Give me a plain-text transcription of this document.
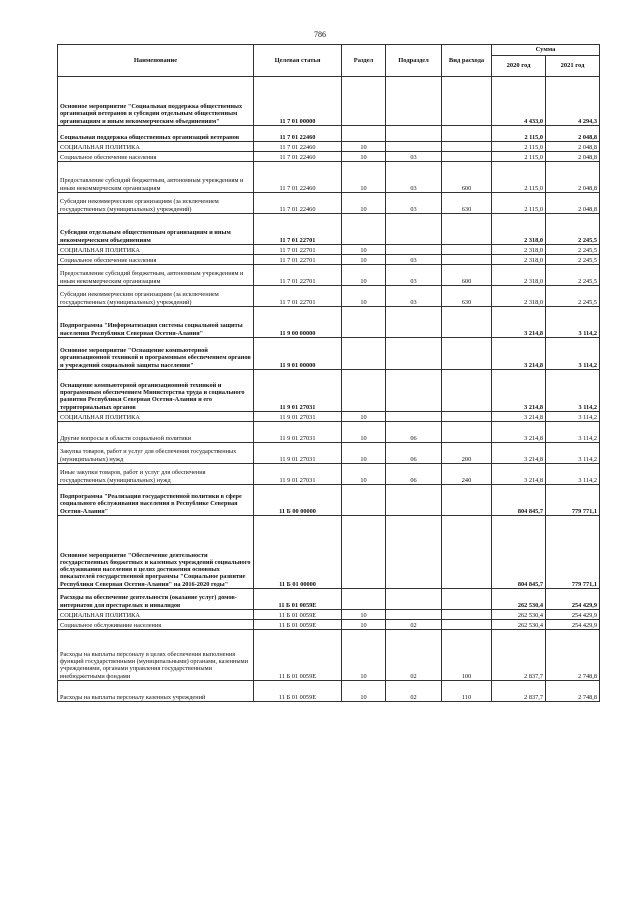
786
Наименование	Целевая статья	Раздел	Подраздел	Вид расхода	Сумма	
					2020 год	2021 год
Основное мероприятие "Социальная поддержка общественных организаций ветеранов и субсидии отдельным общественным организациям и иным некоммерческим объединениям"	11 7 01 00000				4 433,0	4 294,3
Социальная поддержка общественных организаций ветеранов	11 7 01 22460				2 115,0	2 048,8
СОЦИАЛЬНАЯ ПОЛИТИКА	11 7 01 22460	10			2 115,0	2 048,8
Социальное обеспечение населения	11 7 01 22460	10	03		2 115,0	2 048,8
Предоставление субсидий бюджетным, автономным учреждениям и иным некоммерческим организациям	11 7 01 22460	10	03	600	2 115,0	2 048,8
Субсидии некоммерческим организациям (за исключением государственных (муниципальных) учреждений)	11 7 01 22460	10	03	630	2 115,0	2 048,8
Субсидии отдельным общественным организациям и иным некоммерческим объединениям	11 7 01 22701				2 318,0	2 245,5
СОЦИАЛЬНАЯ ПОЛИТИКА	11 7 01 22701	10			2 318,0	2 245,5
Социальное обеспечение населения	11 7 01 22701	10	03		2 318,0	2 245,5
Предоставление субсидий бюджетным, автономным учреждениям и иным некоммерческим организациям	11 7 01 22701	10	03	600	2 318,0	2 245,5
Субсидии некоммерческим организациям (за исключением государственных (муниципальных) учреждений)	11 7 01 22701	10	03	630	2 318,0	2 245,5
Подпрограмма "Информатизация системы социальной защиты населения Республики Северная Осетия-Алания"	11 9 00 00000				3 214,8	3 114,2
Основное мероприятие "Оснащение компьютерной организационной техникой и программным обеспечением органов и учреждений социальной защиты населения"	11 9 01 00000				3 214,8	3 114,2
Оснащение компьютерной организационной техникой и программным обеспечением Министерства труда и социального развития Республики Северная Осетия-Алания и его территориальных органов	11 9 01 27031				3 214,8	3 114,2
СОЦИАЛЬНАЯ ПОЛИТИКА	11 9 01 27031	10			3 214,8	3 114,2
Другие вопросы в области социальной политики	11 9 01 27031	10	06		3 214,8	3 114,2
Закупка товаров, работ и услуг для обеспечения государственных (муниципальных) нужд	11 9 01 27031	10	06	200	3 214,8	3 114,2
Иные закупки товаров, работ и услуг для обеспечения государственных (муниципальных) нужд	11 9 01 27031	10	06	240	3 214,8	3 114,2
Подпрограмма "Реализация государственной политики в сфере социального обслуживания населения в Республике Северная Осетия-Алания"	11 Б 00 00000				804 845,7	779 771,1
Основное мероприятие "Обеспечение деятельности государственных бюджетных и казенных учреждений социального обслуживания населения в целях достижения основных показателей государственной программы "Социальное развитие Республики Северная Осетия-Алания" на 2016-2020 годы"	11 Б 01 00000				804 845,7	779 771,1
Расходы на обеспечение деятельности (оказание услуг) домов-интернатов для престарелых и инвалидов	11 Б 01 0059Е				262 530,4	254 429,9
СОЦИАЛЬНАЯ ПОЛИТИКА	11 Б 01 0059Е	10			262 530,4	254 429,9
Социальное обслуживание населения	11 Б 01 0059Е	10	02		262 530,4	254 429,9
Расходы на выплаты персоналу в целях обеспечения выполнения функций государственными (муниципальными) органами, казенными учреждениями, органами управления государственными внебюджетными фондами	11 Б 01 0059Е	10	02	100	2 837,7	2 748,8
Расходы на выплаты персоналу казенных учреждений	11 Б 01 0059Е	10	02	110	2 837,7	2 748,8
